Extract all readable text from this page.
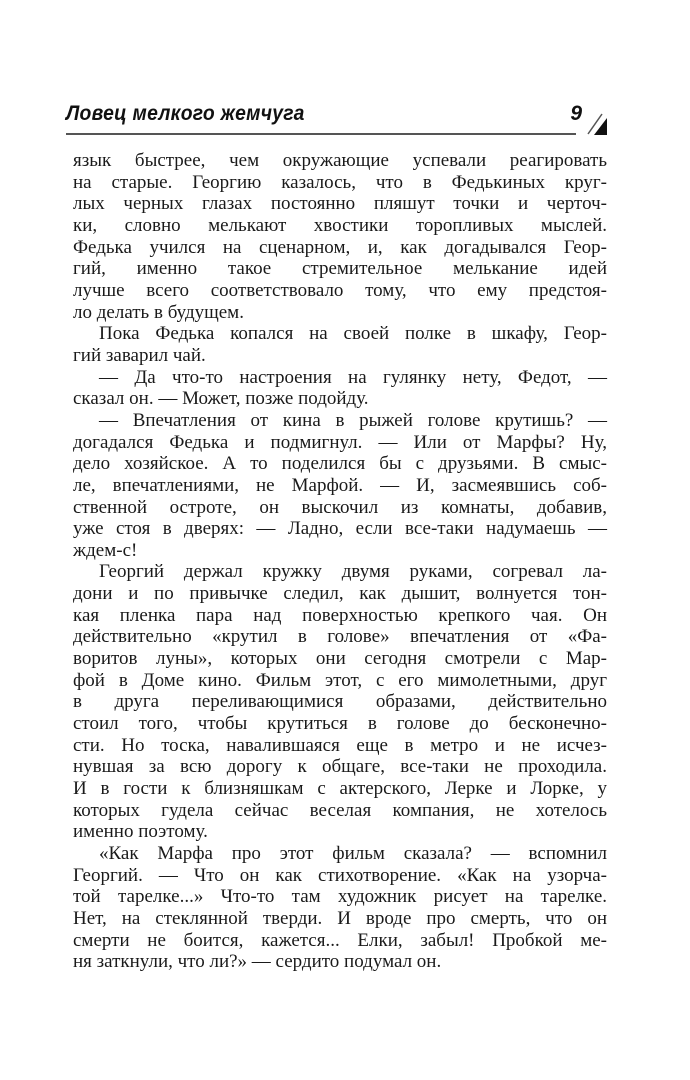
Ловец мелкого жемчуга	9
язык быстрее, чем окружающие успевали реагировать
на старые. Георгию казалось, что в Федькиных круг-
лых черных глазах постоянно пляшут точки и черточ-
ки, словно мелькают хвостики торопливых мыслей.
Федька учился на сценарном, и, как догадывался Геор-
гий, именно такое стремительное мелькание идей
лучше всего соответствовало тому, что ему предстоя-
ло делать в будущем.
Пока Федька копался на своей полке в шкафу, Геор-
гий заварил чай.
— Да что-то настроения на гулянку нету, Федот, —
сказал он. — Может, позже подойду.
— Впечатления от кина в рыжей голове крутишь? —
догадался Федька и подмигнул. — Или от Марфы? Ну,
дело хозяйское. А то поделился бы с друзьями. В смыс-
ле, впечатлениями, не Марфой. — И, засмеявшись соб-
ственной остроте, он выскочил из комнаты, добавив,
уже стоя в дверях: — Ладно, если все-таки надумаешь —
ждем-с!
Георгий держал кружку двумя руками, согревал ла-
дони и по привычке следил, как дышит, волнуется тон-
кая пленка пара над поверхностью крепкого чая. Он
действительно «крутил в голове» впечатления от «Фа-
воритов луны», которых они сегодня смотрели с Мар-
фой в Доме кино. Фильм этот, с его мимолетными, друг
в друга переливающимися образами, действительно
стоил того, чтобы крутиться в голове до бесконечно-
сти. Но тоска, навалившаяся еще в метро и не исчез-
нувшая за всю дорогу к общаге, все-таки не проходила.
И в гости к близняшкам с актерского, Лерке и Лорке, у
которых гудела сейчас веселая компания, не хотелось
именно поэтому.
«Как Марфа про этот фильм сказала? — вспомнил
Георгий. — Что он как стихотворение. «Как на узорча-
той тарелке...» Что-то там художник рисует на тарелке.
Нет, на стеклянной тверди. И вроде про смерть, что он
смерти не боится, кажется... Елки, забыл! Пробкой ме-
ня заткнули, что ли?» — сердито подумал он.
